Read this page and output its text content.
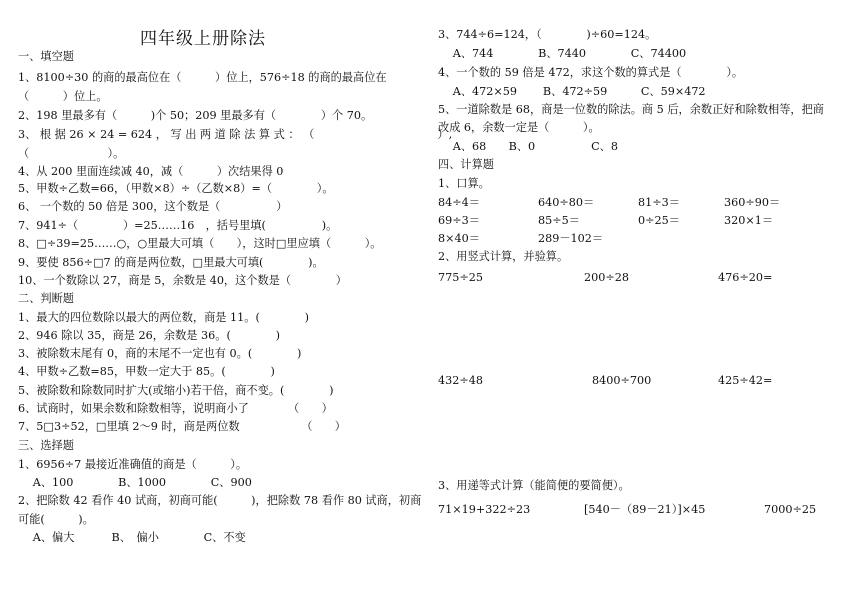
四年级上册除法
一、填空题
1、8100÷30 的商的最高位在（　　　）位上，576÷18 的商的最高位在
（　　　）位上。
2、198 里最多有（　　　)个 50；209 里最多有（　　　　）个 70。
3、 根 据 26 × 24 = 624 ， 写 出 两 道 除 法 算 式 ： （　　　　　　　　　　　）,
（　　　　　　　）。
4、从 200 里面连续减 40，减（　　　）次结果得 0
5、甲数÷乙数=66，（甲数×8）÷（乙数×8）=（　　　　）。
6、 一个数的 50 倍是 300，这个数是（　　　　　）
7、941÷（　　　　）=25……16　，括号里填(　　　　　)。
8、□÷39=25……○，○里最大可填（　　），这时□里应填（　　　）。
9、要使 856÷□7 的商是两位数，□里最大可填(　　　　)。
10、一个数除以 27，商是 5，余数是 40，这个数是（　　　　）
二、判断题
1、最大的四位数除以最大的两位数，商是 11。(　　　　)
2、946 除以 35，商是 26，余数是 36。(　　　　)
3、被除数末尾有 0，商的末尾不一定也有 0。(　　　　)
4、甲数÷乙数=85，甲数一定大于 85。(　　　　)
5、被除数和除数同时扩大(或缩小)若干倍，商不变。(　　　　)
6、试商时，如果余数和除数相等，说明商小了　　　　（　　）
7、5□3÷52，□里填 2～9 时，商是两位数　　　　　　（　　）
三、选择题
1、6956÷7 最接近准确值的商是（　　　）。
　 A、100　　　　B、1000　　　　C、900
2、把除数 42 看作 40 试商，初商可能(　　　)，把除数 78 看作 80 试商，初商
可能(　　　)。
　 A、偏大　　　 B、　偏小　　　　C、不变
3、744÷6=124，（　　　　)÷60=124。
　 A、744　　　　B、7440　　　　C、74400
4、一个数的 59 倍是 472，求这个数的算式是（　　　　）。
　 A、472×59　　 B、472÷59　　　C、59×472
5、一道除数是 68，商是一位数的除法。商 5 后，余数正好和除数相等，把商
改成 6，余数一定是（　　　）。
　 A、68　　B、0　　　　　C、8
四、计算题
1、口算。
84÷4＝	640÷80＝	81÷3＝	360÷90＝
69÷3＝	85÷5＝	0÷25＝	320×1＝
8×40＝	289－102＝
2、用竖式计算，并验算。
775÷25	200÷28	476÷20=
432÷48	8400÷700	425÷42=
3、用递等式计算（能简便的要简便）。
71×19+322÷23	[540－（89－21）]×45	7000÷25
